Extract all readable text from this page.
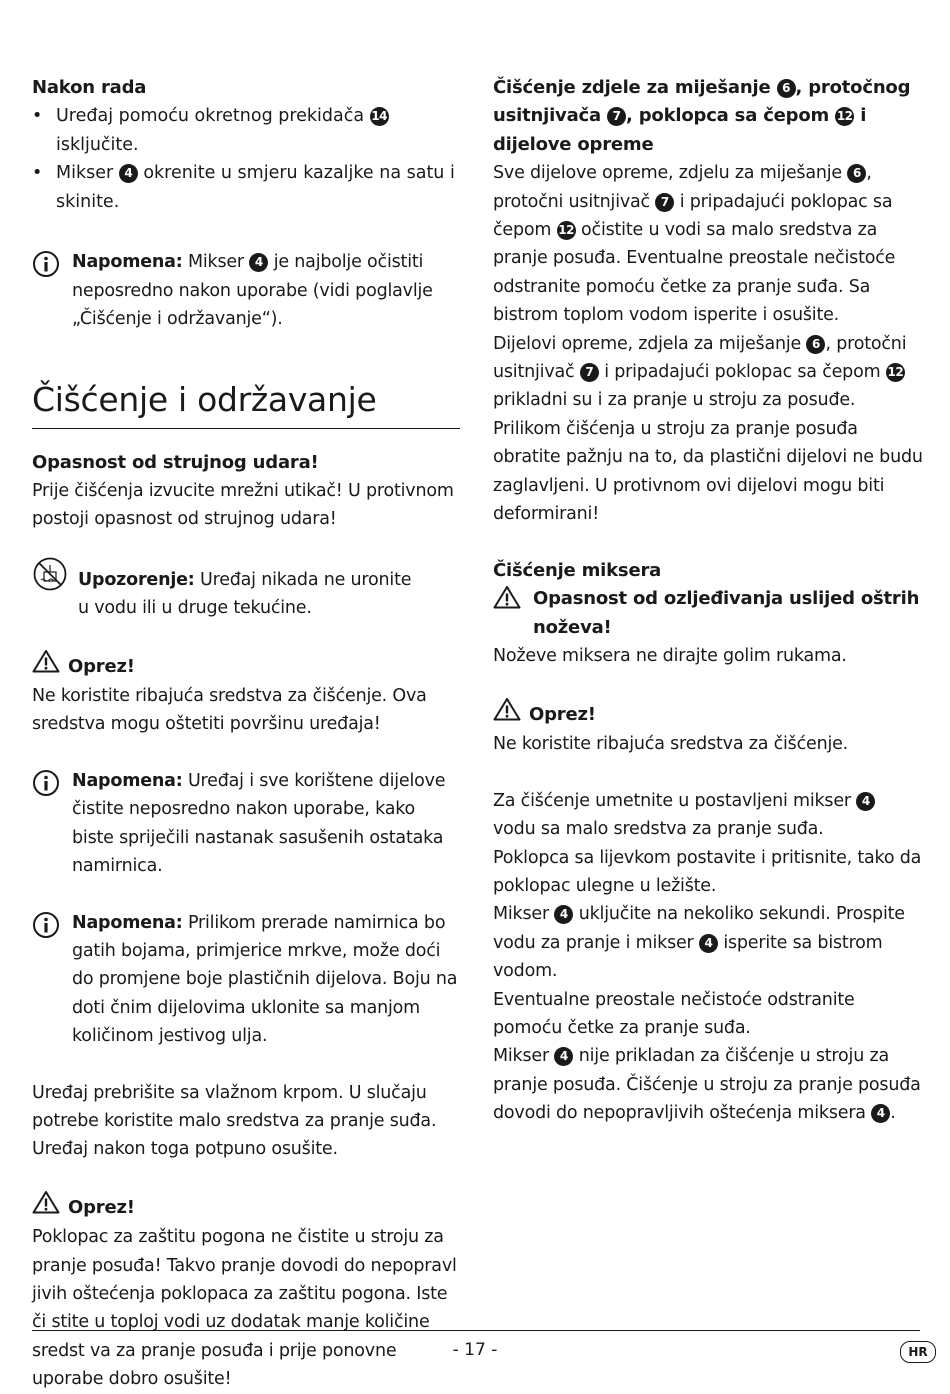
Nakon rada

• Uređaj pomoću okretnog prekidača 14 isključite.
• Mikser 4 okrenite u smjeru kazaljke na satu i skinite.
Napomena: Mikser 4 je najbolje očistiti neposredno nakon uporabe (vidi poglavlje „Čišćenje i održavanje“).
Čišćenje i održavanje

Opasnost od strujnog udara!

Prije čišćenja izvucite mrežni utikač! U protivnom postoji opasnost od strujnog udara!

Upozorenje: Uređaj nikada ne uronite
u vodu ili u druge tekućine.
Oprez!

Ne koristite ribajuća sredstva za čišćenje. Ova sredstva mogu oštetiti površinu uređaja!

Napomena: Uređaj i sve korištene dijelove čistite neposredno nakon uporabe, kako biste spriječili nastanak sasušenih ostataka namirnica.
Napomena: Prilikom prerade namirnica bo gatih bojama, primjerice mrkve, može doći do promjene boje plastičnih dijelova. Boju na doti čnim dijelovima uklonite sa manjom količinom jestivog ulja.

Uređaj prebrišite sa vlažnom krpom. U slučaju potrebe koristite malo sredstva za pranje suđa. Uređaj nakon toga potpuno osušite.

Oprez!

Poklopac za zaštitu pogona ne čistite u stroju za pranje posuđa! Takvo pranje dovodi do nepopravl jivih oštećenja poklopaca za zaštitu pogona. Iste či stite u toploj vodi uz dodatak manje količine sredst va za pranje posuđa i prije ponovne uporabe dobro osušite!

Čišćenje zdjele za miješanje 6 , protočnog usitnjivača 7 , poklopca sa čepom 12 i dijelove opreme

Sve dijelove opreme, zdjelu za miješanje 6 , protočni usitnjivač 7 i pripadajući poklopac sa čepom 12 očistite u vodi sa malo sredstva za pranje posuđa. Eventualne preostale nečistoće odstranite pomoću četke za pranje suđa. Sa bistrom toplom vodom isperite i osušite.

Dijelovi opreme, zdjela za miješanje 6 , protočni usitnjivač 7 i pripadajući poklopac sa čepom 12 prikladni su i za pranje u stroju za posuđe. Prilikom čišćenja u stroju za pranje posuđa obratite pažnju na to, da plastični dijelovi ne budu zaglavljeni. U protivnom ovi dijelovi mogu biti deformirani!

Čišćenje miksera

Opasnost od ozljeđivanja uslijed oštrih noževa!

Noževe miksera ne dirajte golim rukama.

Oprez!

Ne koristite ribajuća sredstva za čišćenje.

Za čišćenje umetnite u postavljeni mikser 4 vodu sa malo sredstva za pranje suđa.

Poklopca sa lijevkom postavite i pritisnite, tako da poklopac ulegne u ležište.

Mikser 4 uključite na nekoliko sekundi. Prospite vodu za pranje i mikser 4 isperite sa bistrom vodom.

Eventualne preostale nečistoće odstranite pomoću četke za pranje suđa.

Mikser 4 nije prikladan za čišćenje u stroju za pranje posuđa. Čišćenje u stroju za pranje posuđa dovodi do nepopravljivih oštećenja miksera 4 .

- 17 -	HR
